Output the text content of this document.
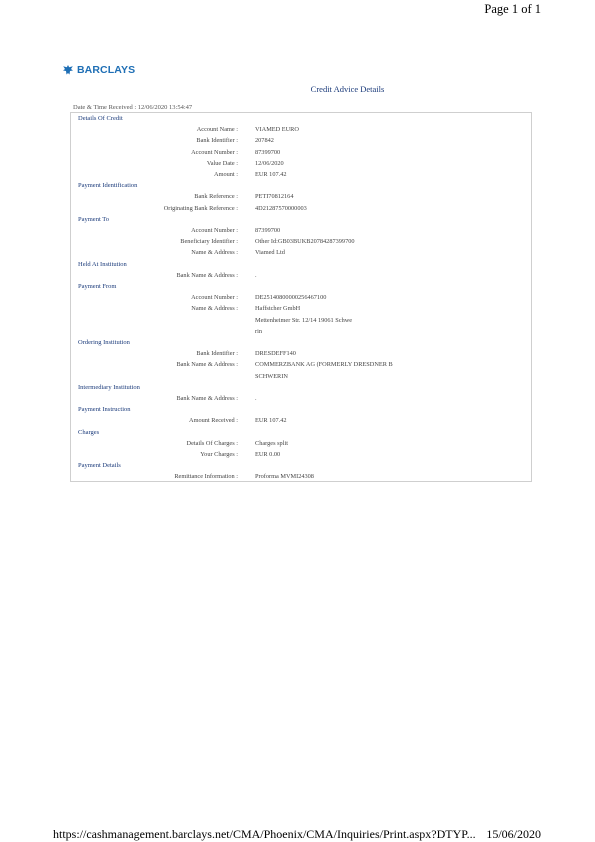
Page 1 of 1
BARCLAYS
Credit Advice Details
Date & Time Received : 12/06/2020 13:54:47
Details Of Credit
Account Name :	VIAMED EURO
Bank Identifier :	207842
Account Number :	87399700
Value Date :	12/06/2020
Amount :	EUR 107.42
Payment Identification
Bank Reference :	PETI70812164
Originating Bank Reference :	4D21287570000003
Payment To
Account Number :	87399700
Beneficiary Identifier :	Other Id:GB03BUKB20784287399700
Name & Address :	Viamed Ltd
Held At Institution
Bank Name & Address :	.
Payment From
Account Number :	DE25140800000256467100
Name & Address :	Haffstcher GmbH
Mettenheimer Str. 12/14 19061 Schwe
rin
Ordering Institution
Bank Identifier :	DRESDEFF140
Bank Name & Address :	COMMERZBANK AG (FORMERLY DRESDNER B
SCHWERIN
Intermediary Institution
Bank Name & Address :	.
Payment Instruction
Amount Received :	EUR 107.42
Charges
Details Of Charges :	Charges split
Your Charges :	EUR 0.00
Payment Details
Remittance Information :	Proforma MVMI24308
https://cashmanagement.barclays.net/CMA/Phoenix/CMA/Inquiries/Print.aspx?DTYP... 15/06/2020
